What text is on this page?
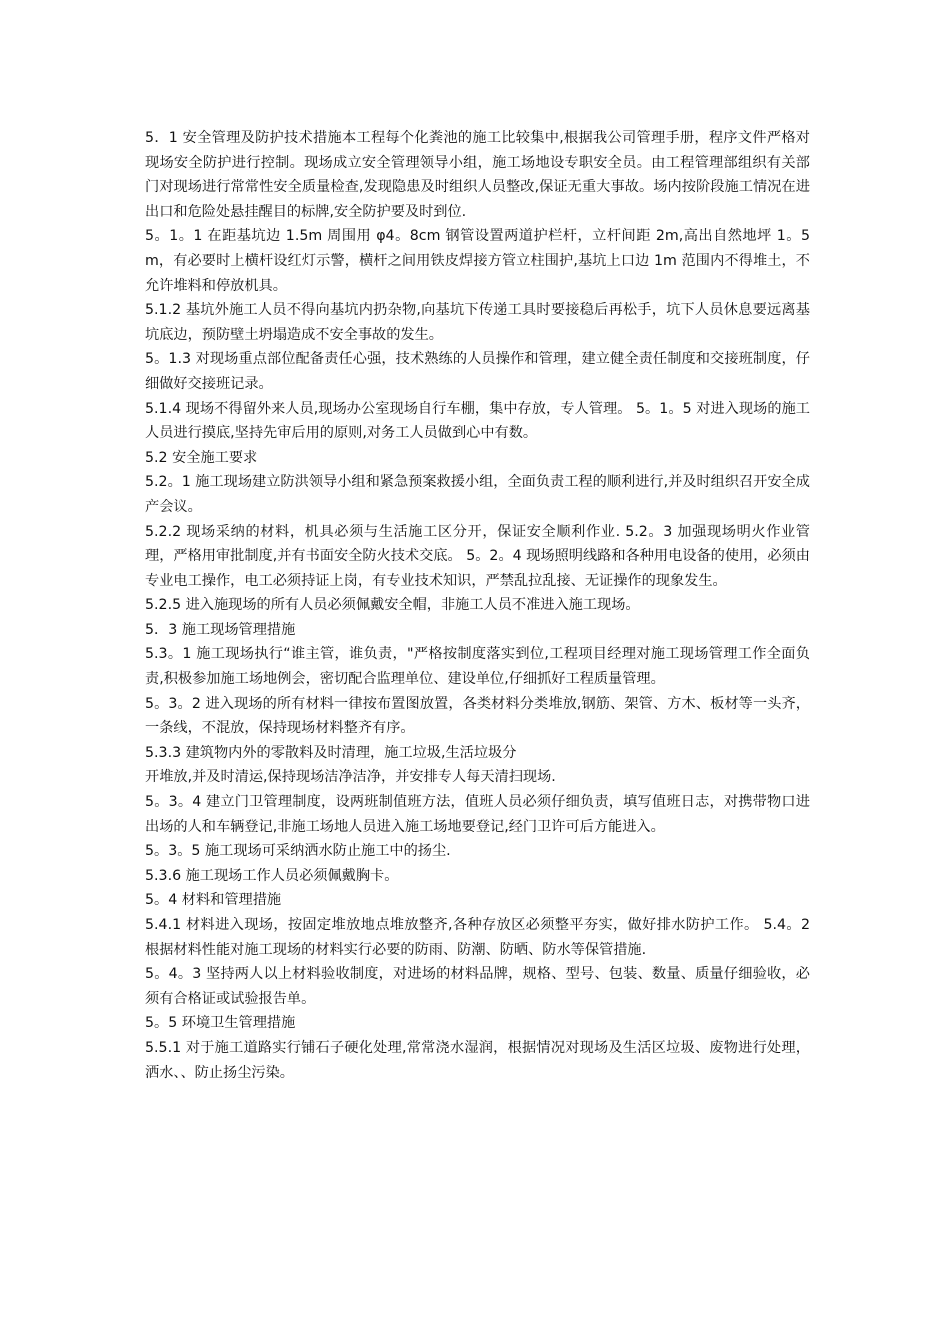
5．1 安全管理及防护技术措施本工程每个化粪池的施工比较集中,根据我公司管理手册，程序文件严格对现场安全防护进行控制。现场成立安全管理领导小组，施工场地设专职安全员。由工程管理部组织有关部门对现场进行常常性安全质量检查,发现隐患及时组织人员整改,保证无重大事故。场内按阶段施工情况在进出口和危险处悬挂醒目的标牌,安全防护要及时到位.

5。1。1 在距基坑边 1.5m 周围用 φ4。8cm 钢管设置两道护栏杆，立杆间距 2m,高出自然地坪 1。5m，有必要时上横杆设红灯示警，横杆之间用铁皮焊接方管立柱围护,基坑上口边 1m 范围内不得堆土，不允许堆料和停放机具。

5.1.2 基坑外施工人员不得向基坑内扔杂物,向基坑下传递工具时要接稳后再松手，坑下人员休息要远离基坑底边，预防壁土坍塌造成不安全事故的发生。

5。1.3 对现场重点部位配备责任心强，技术熟练的人员操作和管理，建立健全责任制度和交接班制度，仔细做好交接班记录。

5.1.4 现场不得留外来人员,现场办公室现场自行车棚，集中存放，专人管理。 5。1。5 对进入现场的施工人员进行摸底,坚持先审后用的原则,对务工人员做到心中有数。

5.2 安全施工要求

5.2。1 施工现场建立防洪领导小组和紧急预案救援小组，全面负责工程的顺利进行,并及时组织召开安全成产会议。

5.2.2 现场采纳的材料，机具必须与生活施工区分开，保证安全顺利作业. 5.2。3 加强现场明火作业管理，严格用审批制度,并有书面安全防火技术交底。 5。2。4 现场照明线路和各种用电设备的使用，必须由专业电工操作，电工必须持证上岗，有专业技术知识，严禁乱拉乱接、无证操作的现象发生。

5.2.5 进入施现场的所有人员必须佩戴安全帽，非施工人员不准进入施工现场。

5．3 施工现场管理措施

5.3。1 施工现场执行“谁主管，谁负责，"严格按制度落实到位,工程项目经理对施工现场管理工作全面负责,积极参加施工场地例会，密切配合监理单位、建设单位,仔细抓好工程质量管理。

5。3。2 进入现场的所有材料一律按布置图放置，各类材料分类堆放,钢筋、架管、方木、板材等一头齐，一条线，不混放，保持现场材料整齐有序。

5.3.3 建筑物内外的零散料及时清理，施工垃圾,生活垃圾分

开堆放,并及时清运,保持现场洁净洁净，并安排专人每天清扫现场.

5。3。4 建立门卫管理制度，设两班制值班方法，值班人员必须仔细负责，填写值班日志，对携带物口进出场的人和车辆登记,非施工场地人员进入施工场地要登记,经门卫许可后方能进入。

5。3。5 施工现场可采纳洒水防止施工中的扬尘.

5.3.6 施工现场工作人员必须佩戴胸卡。

5。4 材料和管理措施

5.4.1 材料进入现场，按固定堆放地点堆放整齐,各种存放区必须整平夯实，做好排水防护工作。 5.4。2 根据材料性能对施工现场的材料实行必要的防雨、防潮、防晒、防水等保管措施.

5。4。3 坚持两人以上材料验收制度，对进场的材料品牌，规格、型号、包装、数量、质量仔细验收，必须有合格证或试验报告单。

5。5 环境卫生管理措施

5.5.1 对于施工道路实行铺石子硬化处理,常常浇水湿润，根据情况对现场及生活区垃圾、废物进行处理，洒水、、防止扬尘污染。
